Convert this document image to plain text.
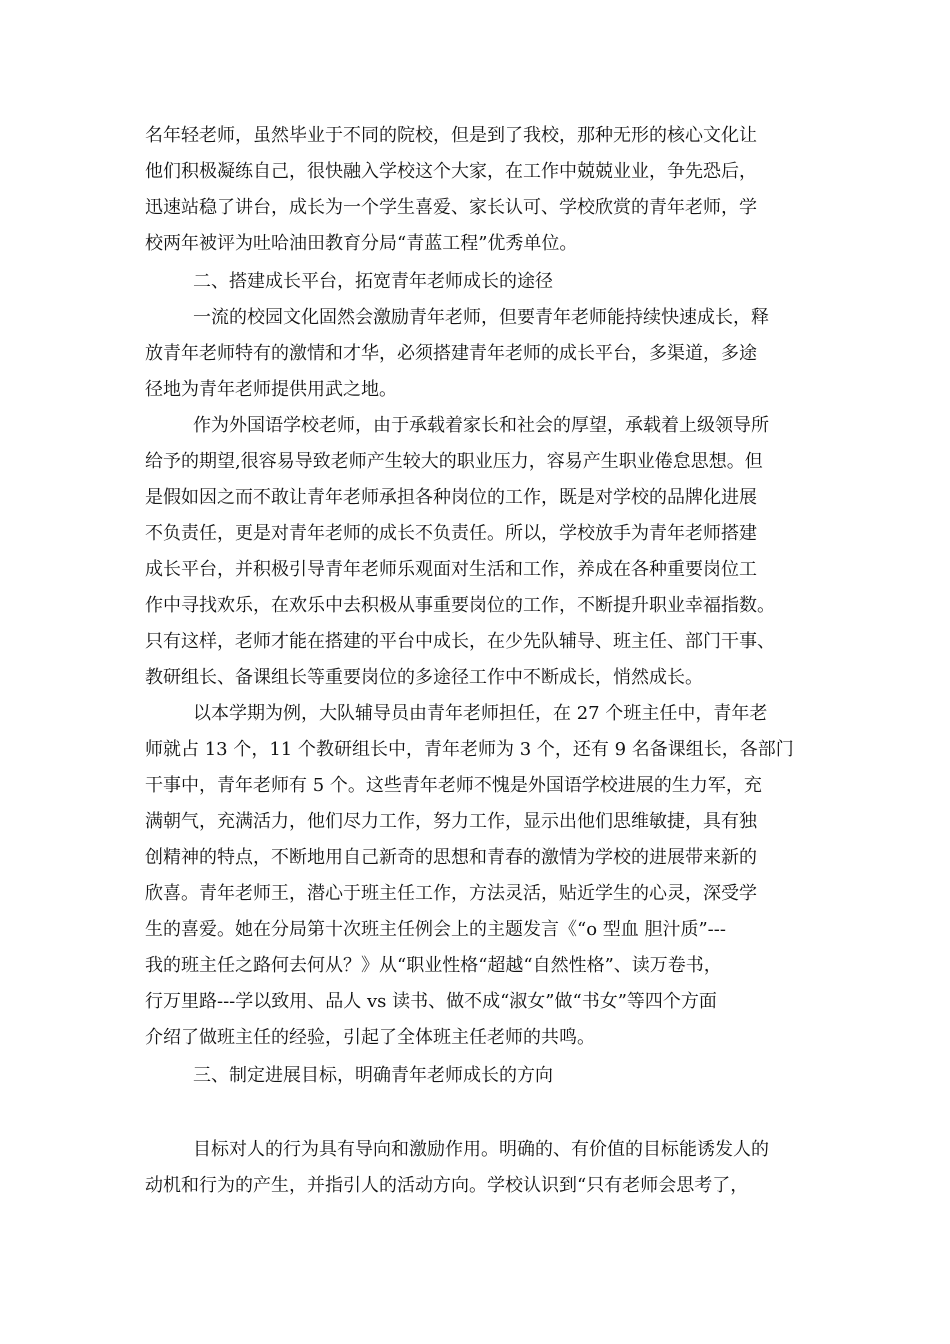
名年轻老师，虽然毕业于不同的院校，但是到了我校，那种无形的核心文化让
他们积极凝练自己，很快融入学校这个大家，在工作中兢兢业业，争先恐后，
迅速站稳了讲台，成长为一个学生喜爱、家长认可、学校欣赏的青年老师，学
校两年被评为吐哈油田教育分局“青蓝工程”优秀单位。
二、搭建成长平台，拓宽青年老师成长的途径
一流的校园文化固然会激励青年老师，但要青年老师能持续快速成长，释
放青年老师特有的激情和才华，必须搭建青年老师的成长平台，多渠道，多途
径地为青年老师提供用武之地。
作为外国语学校老师，由于承载着家长和社会的厚望，承载着上级领导所
给予的期望,很容易导致老师产生较大的职业压力，容易产生职业倦怠思想。但
是假如因之而不敢让青年老师承担各种岗位的工作，既是对学校的品牌化进展
不负责任，更是对青年老师的成长不负责任。所以，学校放手为青年老师搭建
成长平台，并积极引导青年老师乐观面对生活和工作，养成在各种重要岗位工
作中寻找欢乐，在欢乐中去积极从事重要岗位的工作，不断提升职业幸福指数。
只有这样，老师才能在搭建的平台中成长，在少先队辅导、班主任、部门干事、
教研组长、备课组长等重要岗位的多途径工作中不断成长，悄然成长。
以本学期为例，大队辅导员由青年老师担任，在 27 个班主任中，青年老
师就占 13 个，11 个教研组长中，青年老师为 3 个，还有 9 名备课组长，各部门
干事中，青年老师有 5 个。这些青年老师不愧是外国语学校进展的生力军，充
满朝气，充满活力，他们尽力工作，努力工作，显示出他们思维敏捷，具有独
创精神的特点，不断地用自己新奇的思想和青春的激情为学校的进展带来新的
欣喜。青年老师王，潜心于班主任工作，方法灵活，贴近学生的心灵，深受学
生的喜爱。她在分局第十次班主任例会上的主题发言《“o 型血 胆汁质”---
我的班主任之路何去何从？》从“职业性格“超越“自然性格”、读万卷书，
行万里路---学以致用、品人 vs 读书、做不成“淑女”做“书女”等四个方面
介绍了做班主任的经验，引起了全体班主任老师的共鸣。
三、制定进展目标，明确青年老师成长的方向
目标对人的行为具有导向和激励作用。明确的、有价值的目标能诱发人的
动机和行为的产生，并指引人的活动方向。学校认识到“只有老师会思考了，
